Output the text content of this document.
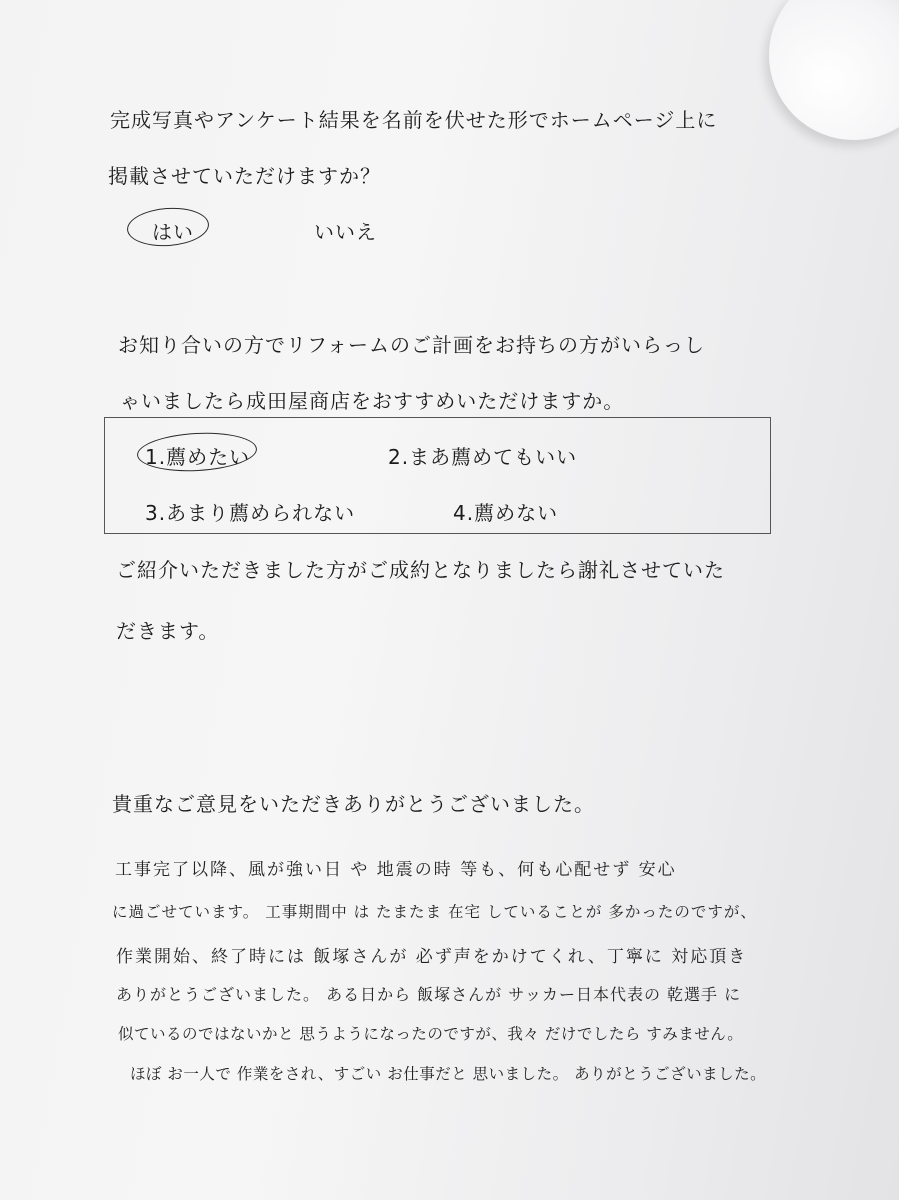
完成写真やアンケート結果を名前を伏せた形でホームページ上に
掲載させていただけますか？
はい	いいえ
お知り合いの方でリフォームのご計画をお持ちの方がいらっし
ゃいましたら成田屋商店をおすすめいただけますか。
1.薦めたい	2.まあ薦めてもいい
3.あまり薦められない	4.薦めない
ご紹介いただきました方がご成約となりましたら謝礼させていた
だきます。
貴重なご意見をいただきありがとうございました。
工事完了以降、風が強い日 や 地震の時 等も、何も心配せず 安心
に過ごせています。 工事期間中 は たまたま 在宅 していることが 多かったのですが、
作業開始、終了時には 飯塚さんが 必ず声をかけてくれ、丁寧に 対応頂き
ありがとうございました。 ある日から 飯塚さんが サッカー日本代表の 乾選手 に
似ているのではないかと 思うようになったのですが、我々 だけでしたら すみません。
ほぼ お一人で 作業をされ、すごい お仕事だと 思いました。 ありがとうございました。
